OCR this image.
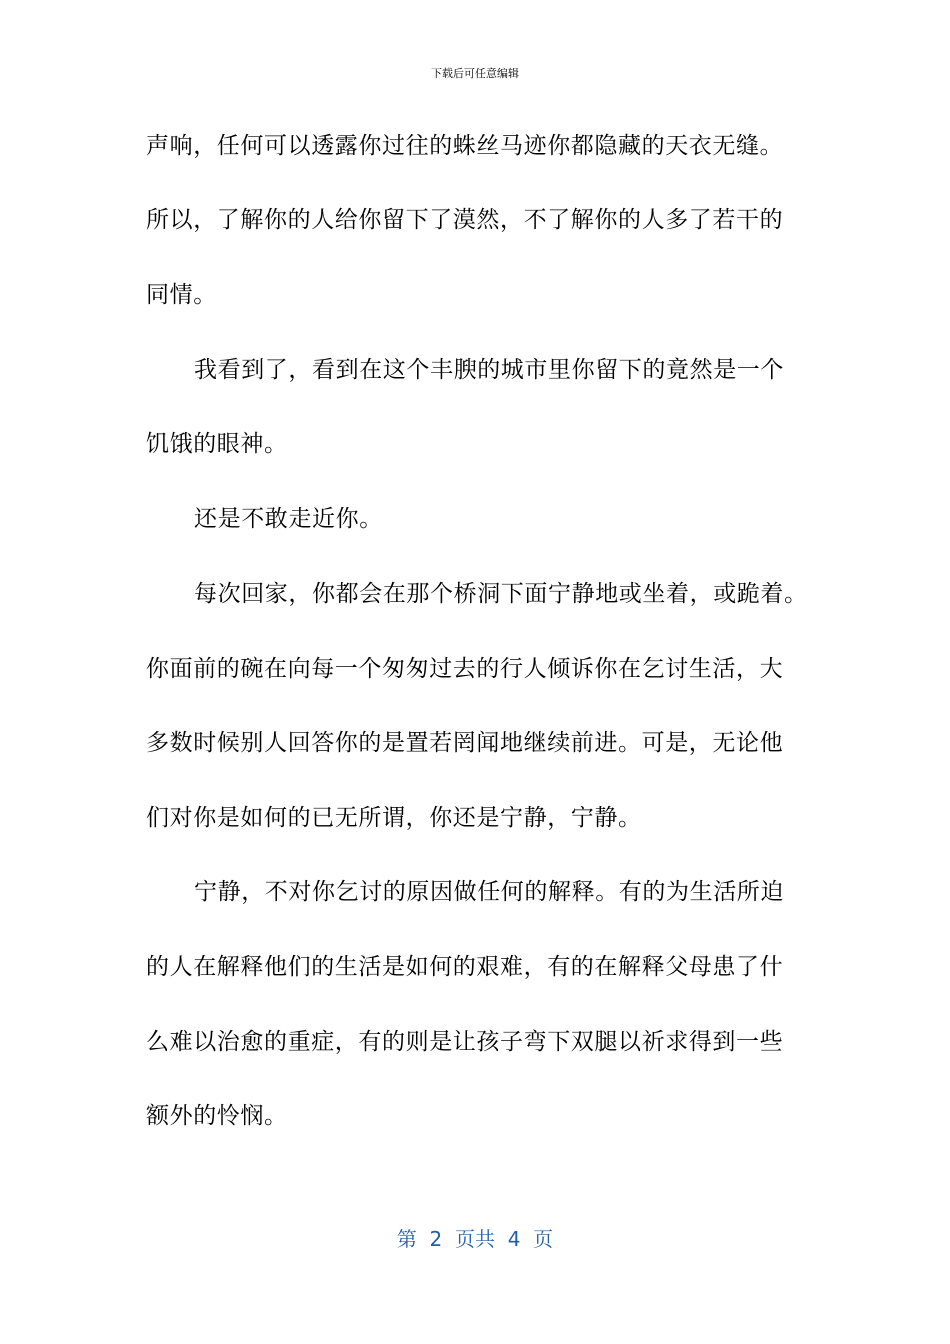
下载后可任意编辑
声响，任何可以透露你过往的蛛丝马迹你都隐藏的天衣无缝。
所以，了解你的人给你留下了漠然，不了解你的人多了若干的
同情。
我看到了，看到在这个丰腴的城市里你留下的竟然是一个
饥饿的眼神。
还是不敢走近你。
每次回家，你都会在那个桥洞下面宁静地或坐着，或跪着。
你面前的碗在向每一个匆匆过去的行人倾诉你在乞讨生活，大
多数时候别人回答你的是置若罔闻地继续前进。可是，无论他
们对你是如何的已无所谓，你还是宁静，宁静。
宁静，不对你乞讨的原因做任何的解释。有的为生活所迫
的人在解释他们的生活是如何的艰难，有的在解释父母患了什
么难以治愈的重症，有的则是让孩子弯下双腿以祈求得到一些
额外的怜悯。
第  2  页共  4  页
